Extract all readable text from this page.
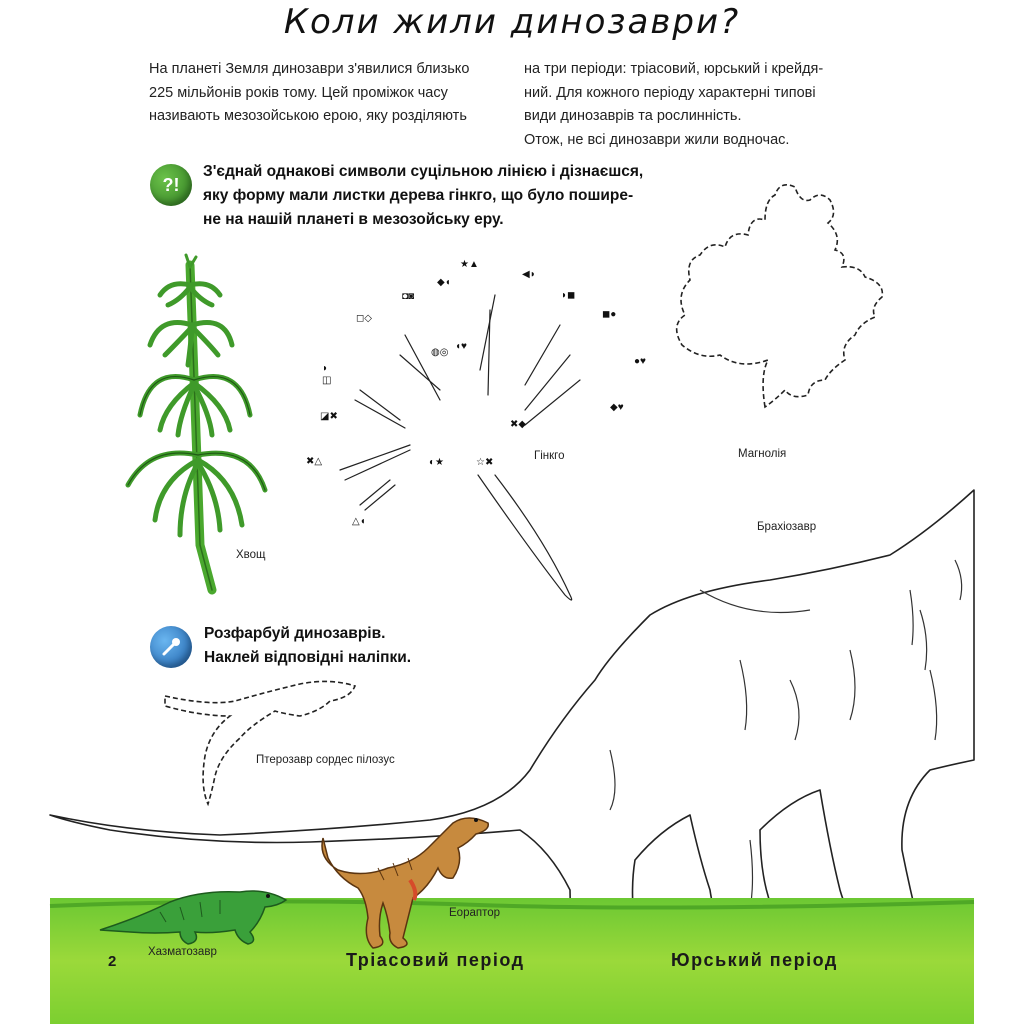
Коли жили динозаври?
На планеті Земля динозаври з'явилися близько
225 мільйонів років тому. Цей проміжок часу
називають мезозойською ерою, яку розділяють
на три періоди: тріасовий, юрський і крейдя-
ний. Для кожного періоду характерні типові
види динозаврів та рослинність.
Отож, не всі динозаври жили водночас.
?!
З'єднай однакові символи суцільною лінією і дізнаєшся,
яку форму мали листки дерева гінкго, що було пошире-
не на нашій планеті в мезозойську еру.
Хвощ
★▲
◆◖
◘◙
◻◇
◍◎
◖♥
◗
◫
◪✖
✖△
△◖
◐★	☆✖
✖◆
◆♥
●♥
◼●
◗◼
◀◗
Гінкго	Магнолія
Брахіозавр
Розфарбуй динозаврів.
Наклей відповідні наліпки.
Птерозавр сордес пілозус
Хазматозавр
Еораптор
2	Тріасовий період	Юрський період
